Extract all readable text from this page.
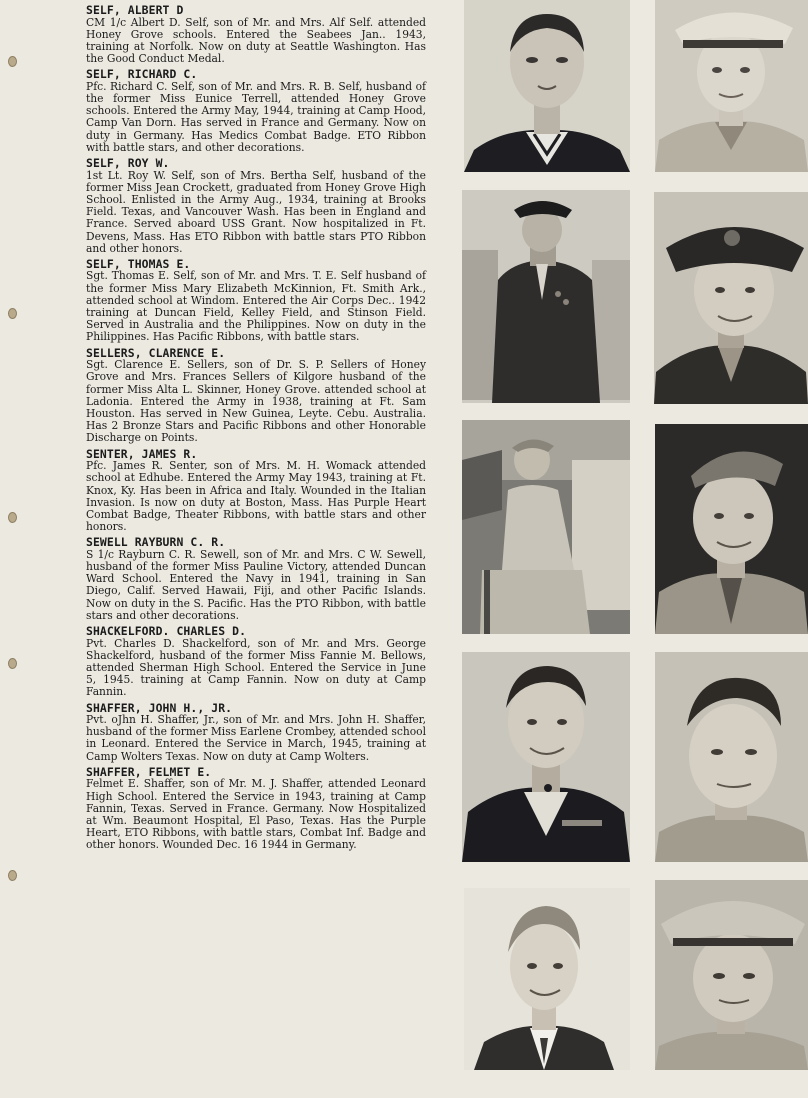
SELF, ALBERT D
CM 1/c Albert D. Self, son of Mr. and Mrs. Alf Self. attended Honey Grove schools. Entered the Seabees Jan.. 1943, training at Norfolk. Now on duty at Seattle Washington. Has the Good Conduct Medal.
SELF, RICHARD C.
Pfc. Richard C. Self, son of Mr. and Mrs. R. B. Self, husband of the former Miss Eunice Terrell, attended Honey Grove schools. Entered the Army May, 1944, training at Camp Hood, Camp Van Dorn. Has served in France and Germany. Now on duty in Germany. Has Medics Combat Badge. ETO Ribbon with battle stars, and other decorations.
SELF, ROY W.
1st Lt. Roy W. Self, son of Mrs. Bertha Self, husband of the former Miss Jean Crockett, graduated from Honey Grove High School. Enlisted in the Army Aug., 1934, training at Brooks Field. Texas, and Vancouver Wash. Has been in England and France. Served aboard USS Grant. Now hospitalized in Ft. Devens, Mass. Has ETO Ribbon with battle stars PTO Ribbon and other honors.
SELF, THOMAS E.
Sgt. Thomas E. Self, son of Mr. and Mrs. T. E. Self husband of the former Miss Mary Elizabeth McKinnion, Ft. Smith Ark., attended school at Windom. Entered the Air Corps Dec.. 1942 training at Duncan Field, Kelley Field, and Stinson Field. Served in Australia and the Philippines. Now on duty in the Philippines. Has Pacific Ribbons, with battle stars.
SELLERS, CLARENCE E.
Sgt. Clarence E. Sellers, son of Dr. S. P. Sellers of Honey Grove and Mrs. Frances Sellers of Kilgore husband of the former Miss Alta L. Skinner, Honey Grove. attended school at Ladonia. Entered the Army in 1938, training at Ft. Sam Houston. Has served in New Guinea, Leyte. Cebu. Australia. Has 2 Bronze Stars and Pacific Ribbons and other Honorable Discharge on Points.
SENTER, JAMES R.
Pfc. James R. Senter, son of Mrs. M. H. Womack attended school at Edhube. Entered the Army May 1943, training at Ft. Knox, Ky. Has been in Africa and Italy. Wounded in the Italian Invasion. Is now on duty at Boston, Mass. Has Purple Heart Combat Badge, Theater Ribbons, with battle stars and other honors.
SEWELL RAYBURN C. R.
S 1/c Rayburn C. R. Sewell, son of Mr. and Mrs. C W. Sewell, husband of the former Miss Pauline Victory, attended Duncan Ward School. Entered the Navy in 1941, training in San Diego, Calif. Served Hawaii, Fiji, and other Pacific Islands. Now on duty in the S. Pacific. Has the PTO Ribbon, with battle stars and other decorations.
SHACKELFORD. CHARLES D.
Pvt. Charles D. Shackelford, son of Mr. and Mrs. George Shackelford, husband of the former Miss Fannie M. Bellows, attended Sherman High School. Entered the Service in June 5, 1945. training at Camp Fannin. Now on duty at Camp Fannin.
SHAFFER, JOHN H., JR.
Pvt. oJhn H. Shaffer, Jr., son of Mr. and Mrs. John H. Shaffer, husband of the former Miss Earlene Crombey, attended school in Leonard. Entered the Service in March, 1945, training at Camp Wolters Texas. Now on duty at Camp Wolters.
SHAFFER, FELMET E.
Felmet E. Shaffer, son of Mr. M. J. Shaffer, attended Leonard High School. Entered the Service in 1943, training at Camp Fannin, Texas. Served in France. Germany. Now Hospitalized at Wm. Beaumont Hospital, El Paso, Texas. Has the Purple Heart, ETO Ribbons, with battle stars, Combat Inf. Badge and other honors. Wounded Dec. 16 1944 in Germany.
